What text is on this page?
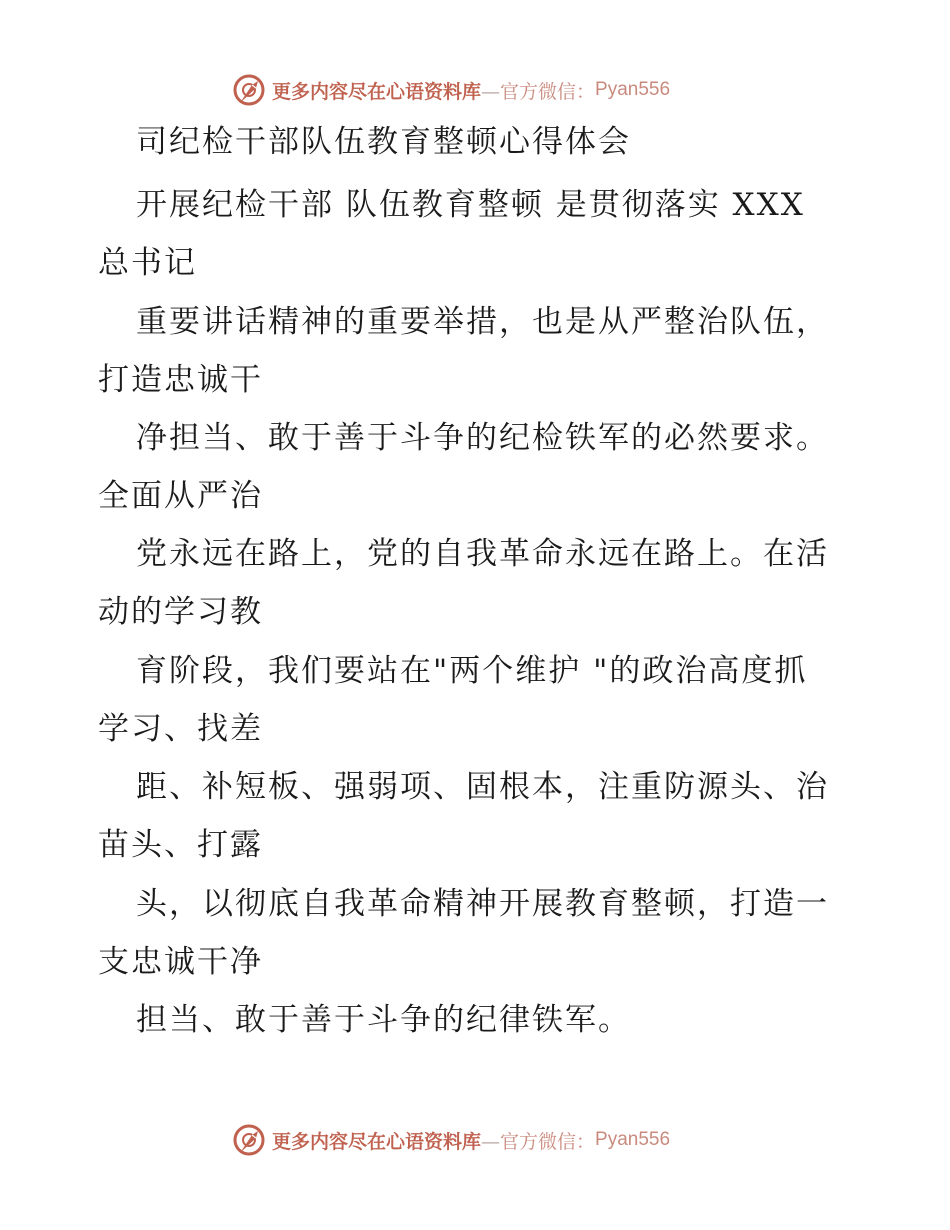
更多内容尽在心语资料库—官方微信： Pyan556
司纪检干部队伍教育整顿心得体会
开展纪检干部 队伍教育整顿 是贯彻落实 XXX
总书记
重要讲话精神的重要举措，也是从严整治队伍，
打造忠诚干
净担当、敢于善于斗争的纪检铁军的必然要求。
全面从严治
党永远在路上，党的自我革命永远在路上。在活
动的学习教
育阶段，我们要站在"两个维护 "的政治高度抓
学习、找差
距、补短板、强弱项、固根本，注重防源头、治
苗头、打露
头，以彻底自我革命精神开展教育整顿，打造一
支忠诚干净
担当、敢于善于斗争的纪律铁军。
更多内容尽在心语资料库—官方微信： Pyan556
